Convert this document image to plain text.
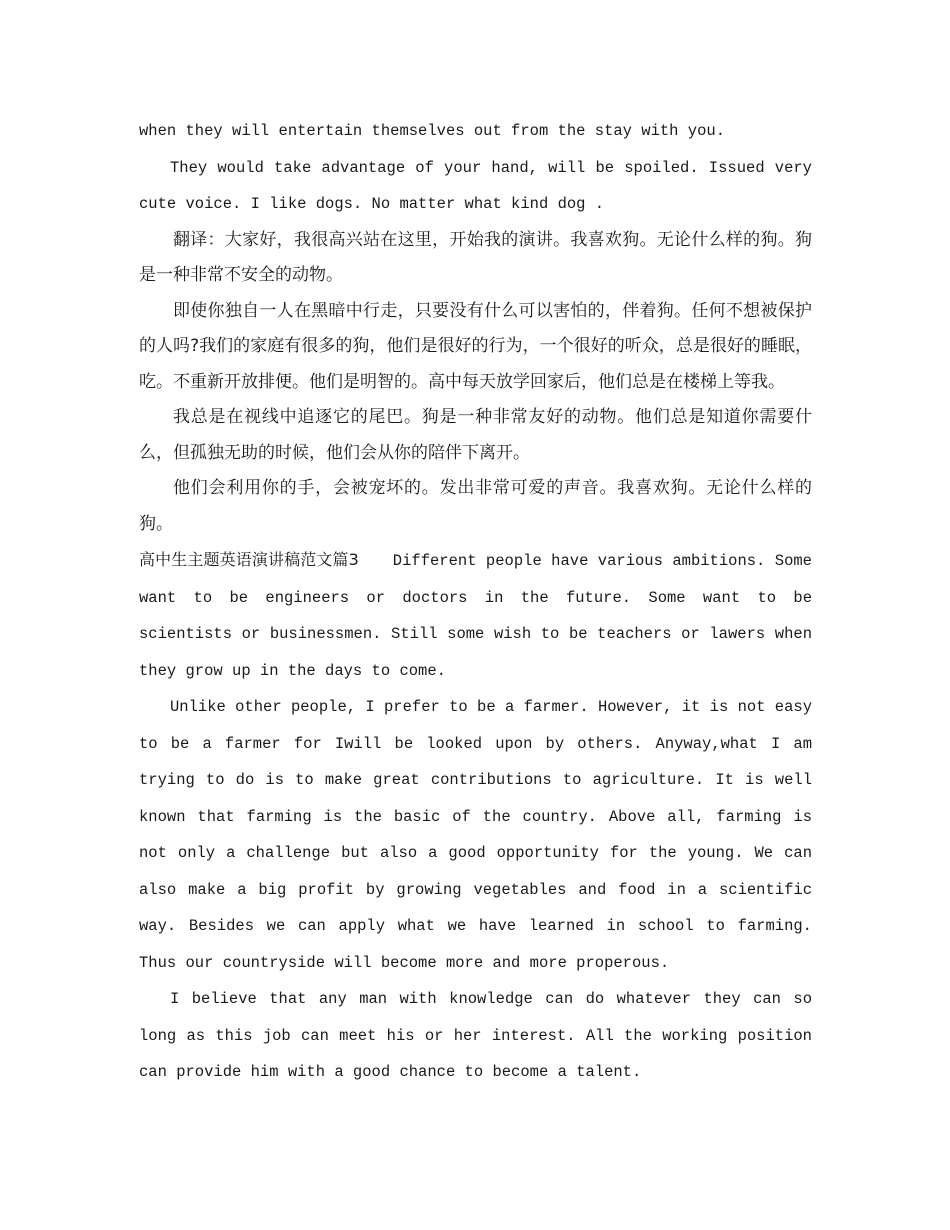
when they will entertain themselves out from the stay with you.

They would take advantage of your hand, will be spoiled. Issued very cute voice. I like dogs. No matter what kind dog .

翻译：大家好，我很高兴站在这里，开始我的演讲。我喜欢狗。无论什么样的狗。狗是一种非常不安全的动物。

即使你独自一人在黑暗中行走，只要没有什么可以害怕的，伴着狗。任何不想被保护的人吗?我们的家庭有很多的狗，他们是很好的行为，一个很好的听众，总是很好的睡眠，吃。不重新开放排便。他们是明智的。高中每天放学回家后，他们总是在楼梯上等我。

我总是在视线中追逐它的尾巴。狗是一种非常友好的动物。他们总是知道你需要什么，但孤独无助的时候，他们会从你的陪伴下离开。

他们会利用你的手，会被宠坏的。发出非常可爱的声音。我喜欢狗。无论什么样的狗。

高中生主题英语演讲稿范文篇3 Different people have various ambitions. Some want to be engineers or doctors in the future. Some want to be scientists or businessmen. Still some wish to be teachers or lawers when they grow up in the days to come.

Unlike other people, I prefer to be a farmer. However, it is not easy to be a farmer for Iwill be looked upon by others. Anyway,what I am trying to do is to make great contributions to agriculture. It is well known that farming is the basic of the country. Above all, farming is not only a challenge but also a good opportunity for the young. We can also make a big profit by growing vegetables and food in a scientific way. Besides we can apply what we have learned in school to farming. Thus our countryside will become more and more properous.

I believe that any man with knowledge can do whatever they can so long as this job can meet his or her interest. All the working position can provide him with a good chance to become a talent.
